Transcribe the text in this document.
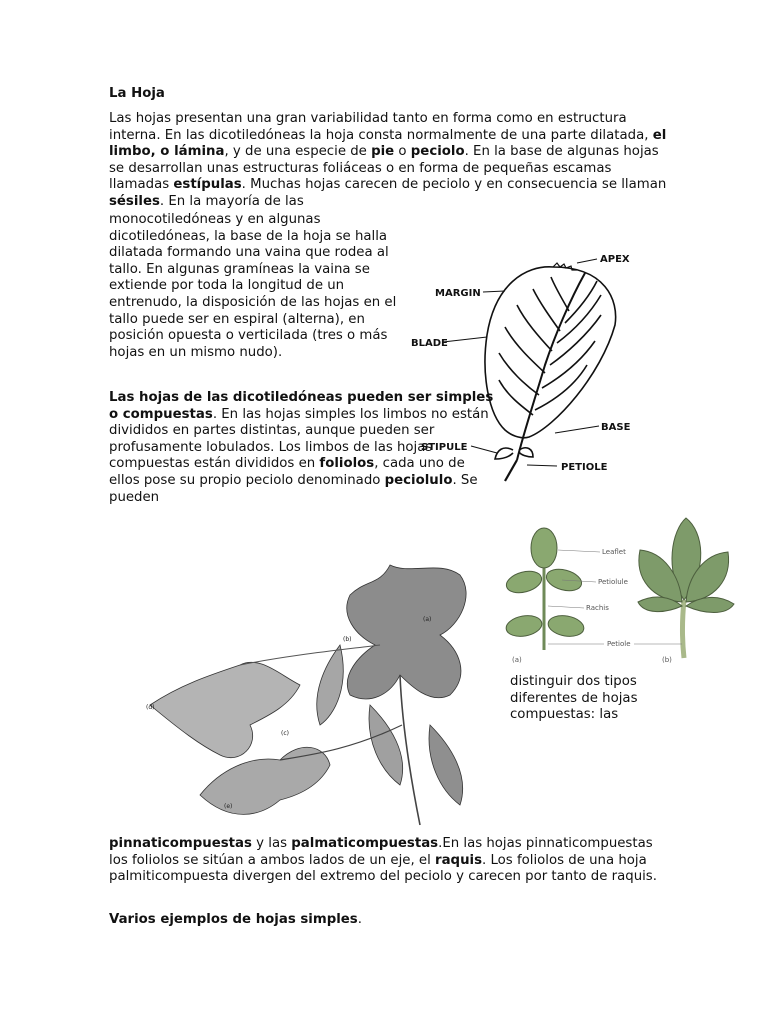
La Hoja

Las hojas presentan una gran variabilidad tanto en forma como en estructura interna. En las dicotiledóneas la hoja consta normalmente de una parte dilatada, el limbo, o lámina, y de una especie de pie o peciolo. En la base de algunas hojas se desarrollan unas estructuras foliáceas o en forma de pequeñas escamas llamadas estípulas. Muchas hojas carecen de peciolo y en consecuencia se llaman sésiles. En la mayoría de las

monocotiledóneas y en algunas dicotiledóneas, la base de la hoja se halla dilatada formando una vaina que rodea al tallo. En algunas gramíneas la vaina se extiende por toda la longitud de un entrenudo, la disposición de las hojas en el tallo puede ser en espiral (alterna), en posición opuesta o verticilada (tres o más hojas en un mismo nudo).

Las hojas de las dicotiledóneas pueden ser simples o compuestas. En las hojas simples los limbos no están divididos en partes distintas, aunque pueden ser profusamente lobulados. Los limbos de las hojas compuestas están divididos en foliolos, cada uno de ellos pose su propio peciolo denominado peciolulo. Se pueden

distinguir dos tipos diferentes de hojas compuestas: las

pinnaticompuestas y las palmaticompuestas.En las hojas pinnaticompuestas los foliolos se sitúan a ambos lados de un eje, el raquis. Los foliolos de una hoja palmiticompuesta divergen del extremo del peciolo y carecen por tanto de raquis.

Varios ejemplos de hojas simples.

APEX
MARGIN
BLADE
BASE
STIPULE
PETIOLE
Leaflet
Petiolule
Rachis
Petiole
(a)	(b)
(a)
(b)
(c)
(d)
(e)
